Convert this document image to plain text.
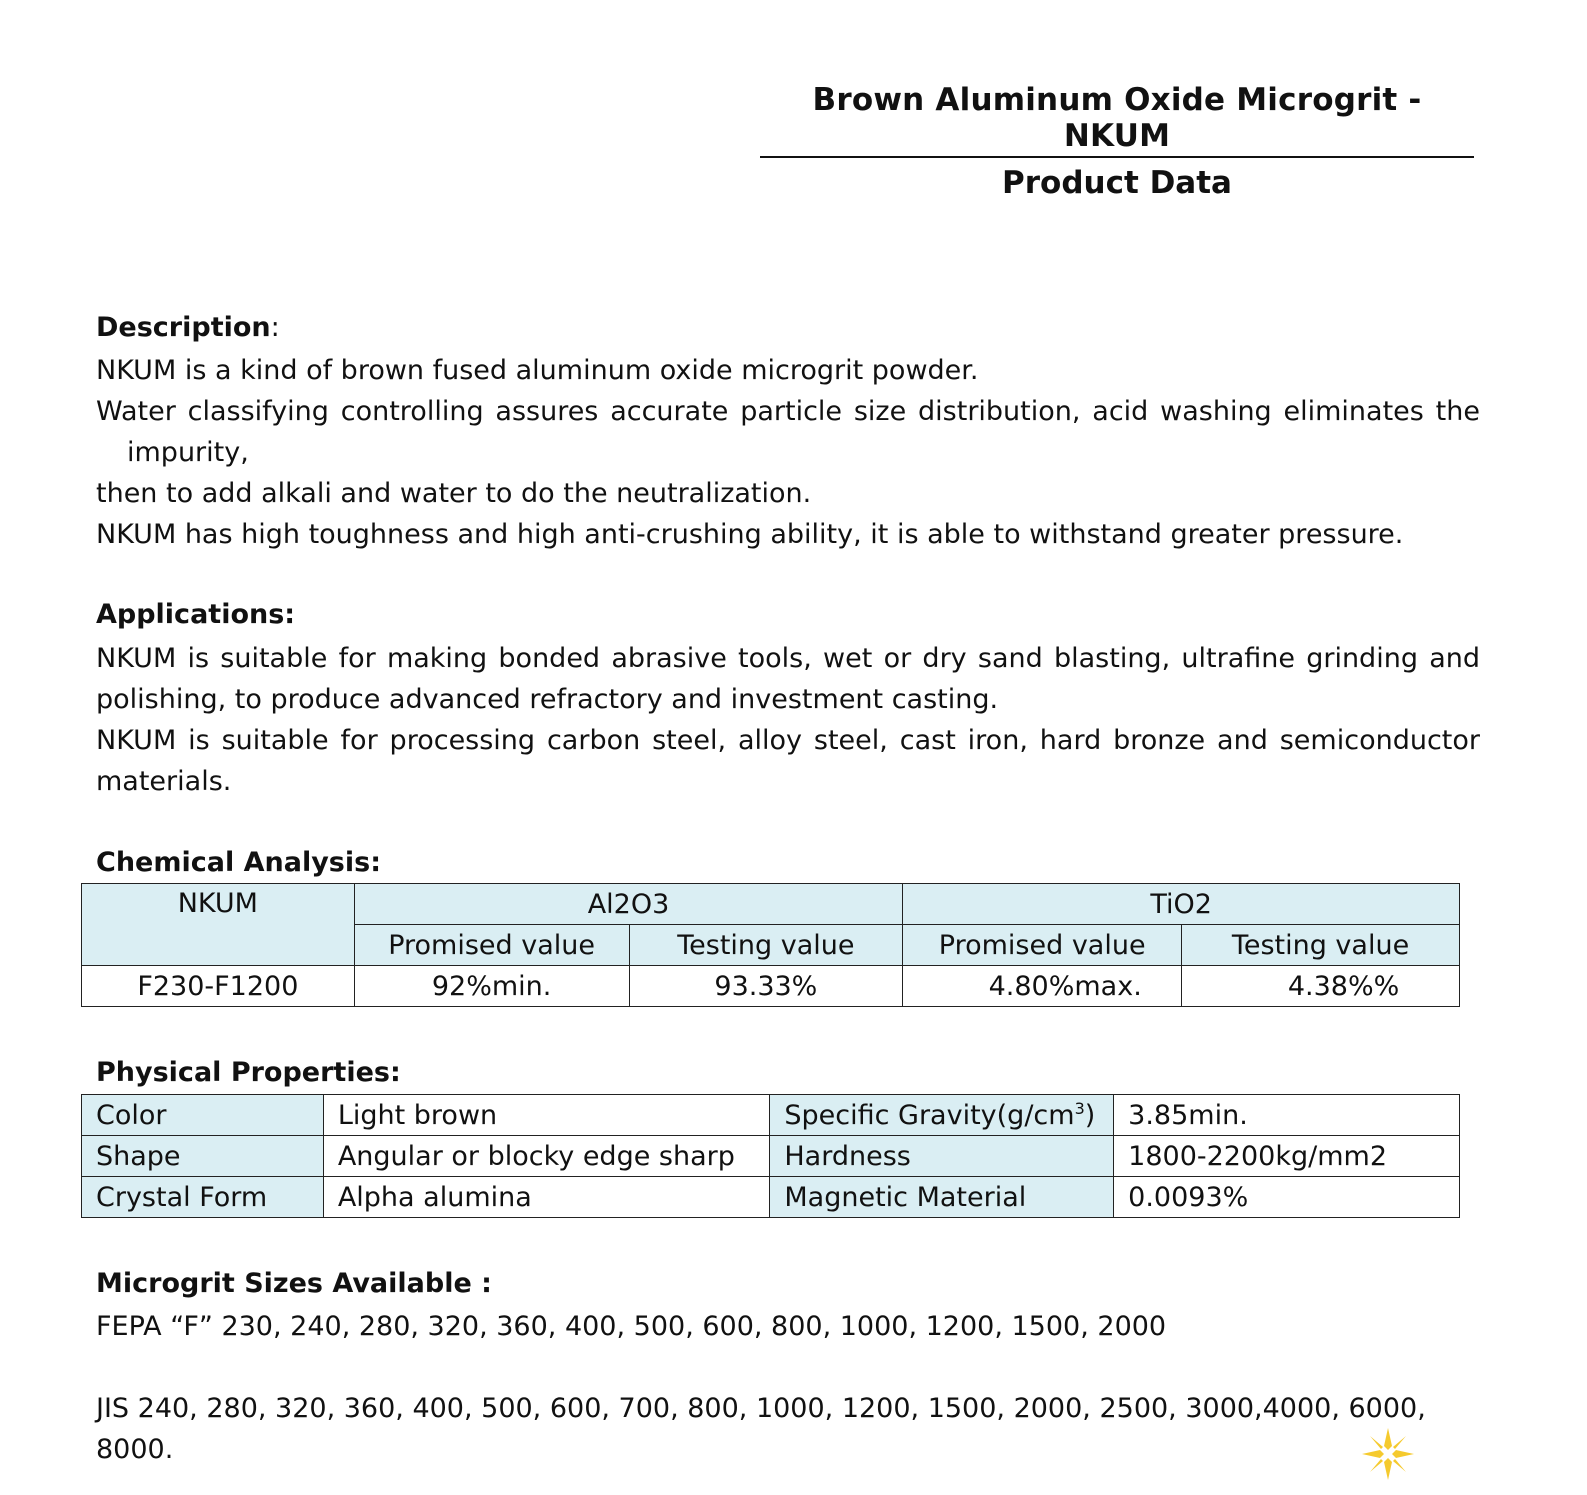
Brown Aluminum Oxide Microgrit - NKUM
Product Data
Description:

NKUM is a kind of brown fused aluminum oxide microgrit powder.

Water classifying controlling assures accurate particle size distribution, acid washing eliminates the

impurity,

then to add alkali and water to do the neutralization.

NKUM has high toughness and high anti-crushing ability, it is able to withstand greater pressure.

Applications:

NKUM is suitable for making bonded abrasive tools, wet or dry sand blasting, ultrafine grinding and polishing, to produce advanced refractory and investment casting.

NKUM is suitable for processing carbon steel, alloy steel, cast iron, hard bronze and semiconductor materials.

Chemical Analysis:
NKUM	Al2O3		TiO2	
	Promised value	Testing value	Promised value	Testing value
F230-F1200	92%min.	93.33%	4.80%max.	4.38%%
Physical Properties:
Color	Light brown	Specific $Gravity(g/cm^3)$	3.85min.
Shape	Angular or blocky edge sharp	Hardness	1800-2200kg/mm2
Crystal Form	Alpha alumina	Magnetic Material	0.0093%
Microgrit Sizes Available :
FEPA “F” 230, 240, 280, 320, 360, 400, 500, 600, 800, 1000, 1200, 1500, 2000
JIS 240, 280, 320, 360, 400, 500, 600, 700, 800, 1000, 1200, 1500, 2000, 2500, 3000,4000, 6000, 8000.
